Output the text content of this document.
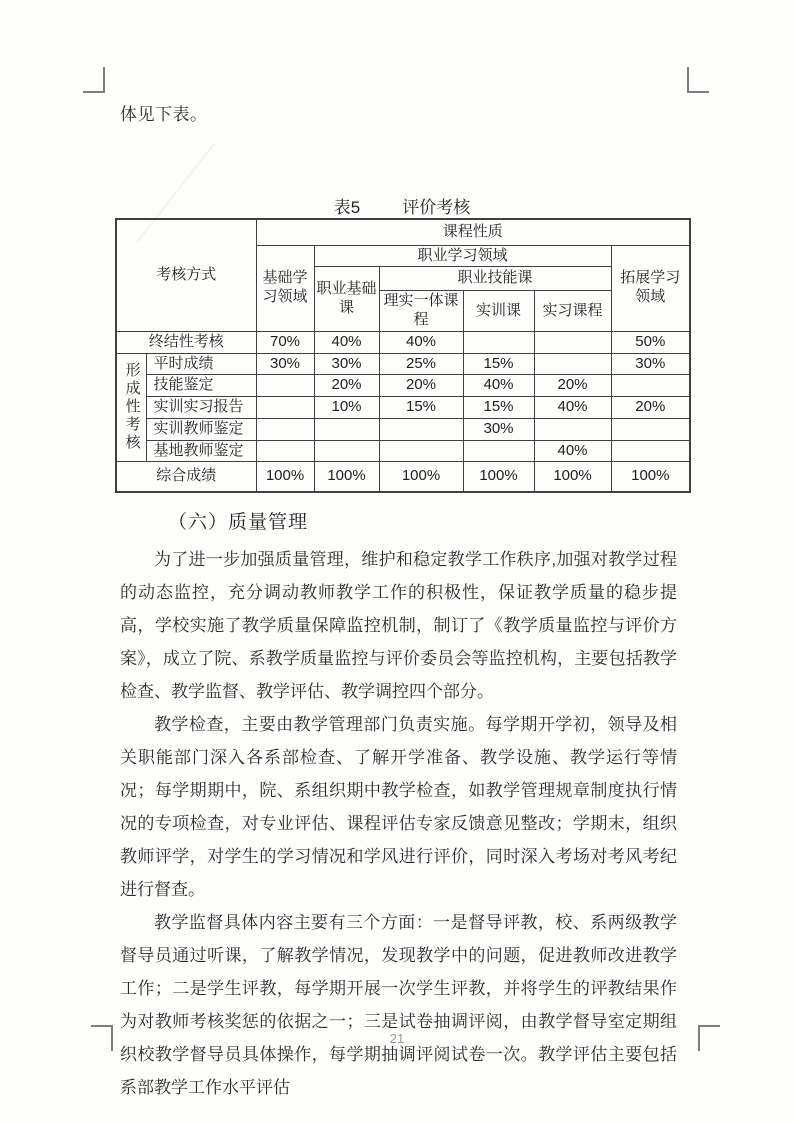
体见下表。
表5 评价考核
考核方式		课程性质					
		基础学习领域	职业学习领域				拓展学习领域
			职业基础课	职业技能课			
				理实一体课程	实训课	实习课程	
终结性考核		70%	40%	40%			50%
形成性考核	平时成绩	30%	30%	25%	15%		30%
	技能鉴定		20%	20%	40%	20%	
	实训实习报告		10%	15%	15%	40%	20%
	实训教师鉴定				30%		
	基地教师鉴定					40%	
综合成绩		100%	100%	100%	100%	100%	100%
（六）质量管理

为了进一步加强质量管理，维护和稳定教学工作秩序,加强对教学过程的动态监控，充分调动教师教学工作的积极性，保证教学质量的稳步提高，学校实施了教学质量保障监控机制，制订了《教学质量监控与评价方案》，成立了院、系教学质量监控与评价委员会等监控机构，主要包括教学检查、教学监督、教学评估、教学调控四个部分。

教学检查，主要由教学管理部门负责实施。每学期开学初，领导及相关职能部门深入各系部检查、了解开学准备、教学设施、教学运行等情况；每学期期中，院、系组织期中教学检查，如教学管理规章制度执行情况的专项检查，对专业评估、课程评估专家反馈意见整改；学期末，组织教师评学，对学生的学习情况和学风进行评价，同时深入考场对考风考纪进行督查。

教学监督具体内容主要有三个方面：一是督导评教，校、系两级教学督导员通过听课，了解教学情况，发现教学中的问题，促进教师改进教学工作；二是学生评教，每学期开展一次学生评教，并将学生的评教结果作为对教师考核奖惩的依据之一；三是试卷抽调评阅，由教学督导室定期组织校教学督导员具体操作，每学期抽调评阅试卷一次。教学评估主要包括系部教学工作水平评估

21
